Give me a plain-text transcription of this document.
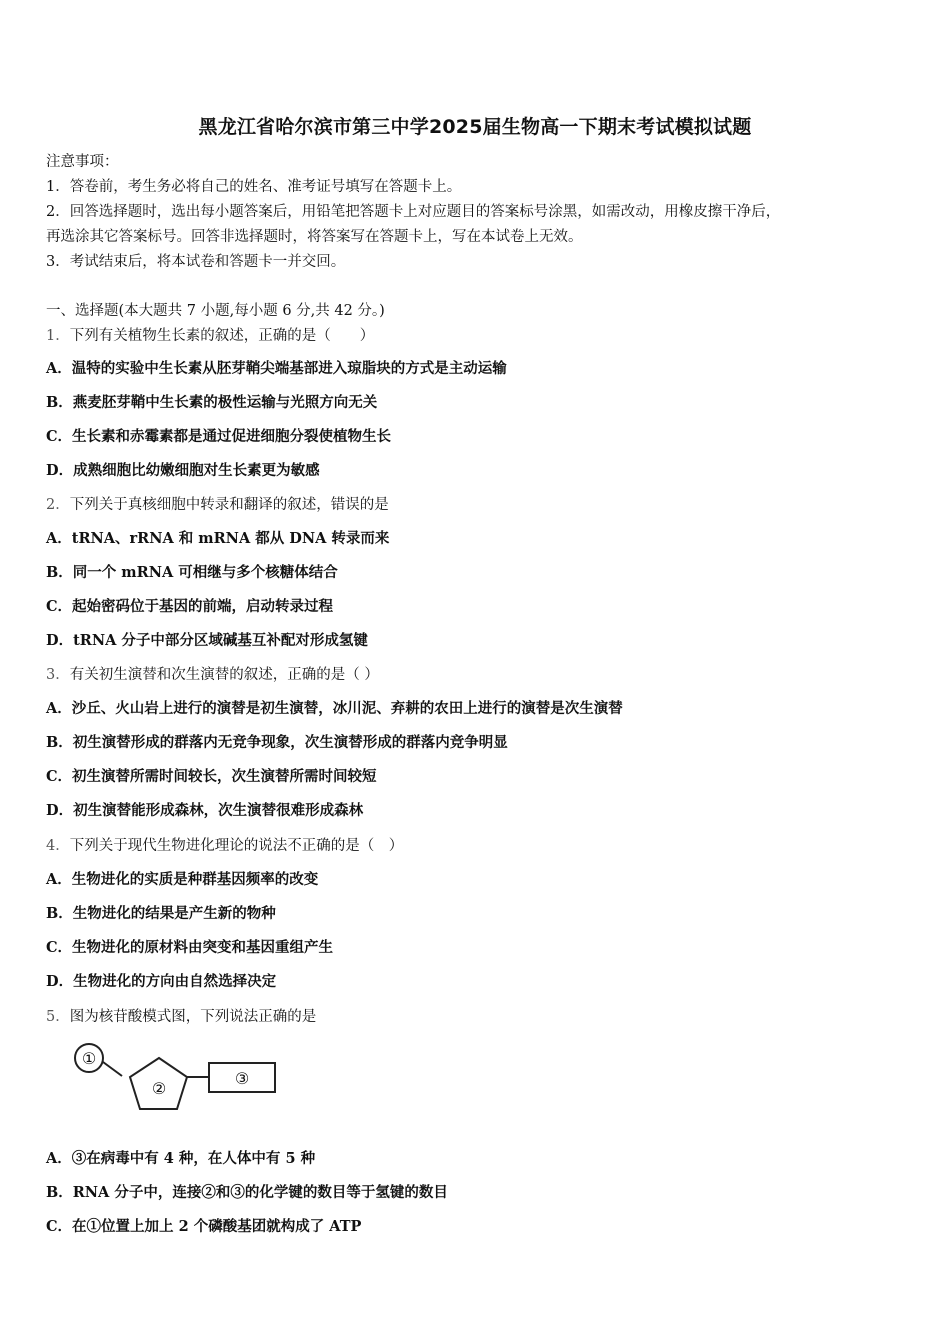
黑龙江省哈尔滨市第三中学2025届生物高一下期末考试模拟试题
注意事项：
1．答卷前，考生务必将自己的姓名、准考证号填写在答题卡上。
2．回答选择题时，选出每小题答案后，用铅笔把答题卡上对应题目的答案标号涂黑，如需改动，用橡皮擦干净后，
再选涂其它答案标号。回答非选择题时，将答案写在答题卡上，写在本试卷上无效。
3．考试结束后，将本试卷和答题卡一并交回。
一、选择题(本大题共 7 小题,每小题 6 分,共 42 分。)
1．下列有关植物生长素的叙述，正确的是（　　）
A．温特的实验中生长素从胚芽鞘尖端基部进入琼脂块的方式是主动运输
B．燕麦胚芽鞘中生长素的极性运输与光照方向无关
C．生长素和赤霉素都是通过促进细胞分裂使植物生长
D．成熟细胞比幼嫩细胞对生长素更为敏感
2．下列关于真核细胞中转录和翻译的叙述，错误的是
A．tRNA、rRNA 和 mRNA 都从 DNA 转录而来
B．同一个 mRNA 可相继与多个核糖体结合
C．起始密码位于基因的前端，启动转录过程
D．tRNA 分子中部分区域碱基互补配对形成氢键
3．有关初生演替和次生演替的叙述，正确的是（ ）
A．沙丘、火山岩上进行的演替是初生演替，冰川泥、弃耕的农田上进行的演替是次生演替
B．初生演替形成的群落内无竞争现象，次生演替形成的群落内竞争明显
C．初生演替所需时间较长，次生演替所需时间较短
D．初生演替能形成森林，次生演替很难形成森林
4．下列关于现代生物进化理论的说法不正确的是（　）
A．生物进化的实质是种群基因频率的改变
B．生物进化的结果是产生新的物种
C．生物进化的原材料由突变和基因重组产生
D．生物进化的方向由自然选择决定
5．图为核苷酸模式图，下列说法正确的是
①
②
③
A．③在病毒中有 4 种，在人体中有 5 种
B．RNA 分子中，连接②和③的化学键的数目等于氢键的数目
C．在①位置上加上 2 个磷酸基团就构成了 ATP
